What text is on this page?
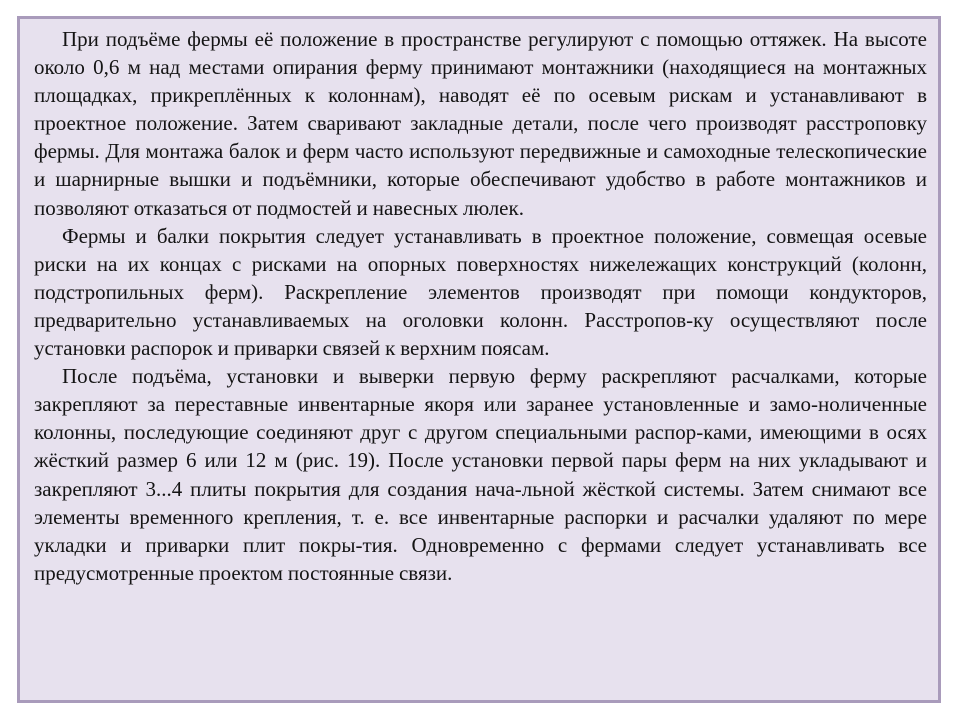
При подъёме фермы её положение в пространстве регулируют с помощью оттяжек. На высоте около 0,6 м над местами опирания ферму принимают монтажники (находящиеся на монтажных площадках, прикреплённых к колоннам), наводят её по осевым рискам и устанавливают в проектное положение. Затем сваривают закладные детали, после чего производят расстроповку фермы. Для монтажа балок и ферм часто используют передвижные и самоходные телескопические и шарнирные вышки и подъёмники, которые обеспечивают удобство в работе монтажников и позволяют отказаться от подмостей и навесных люлек.

Фермы и балки покрытия следует устанавливать в проектное положение, совмещая осевые риски на их концах с рисками на опорных поверхностях нижележащих конструкций (колонн, подстропильных ферм). Раскрепление элементов производят при помощи кондукторов, предварительно устанавливаемых на оголовки колонн. Расстропов-ку осуществляют после установки распорок и приварки связей к верхним поясам.

После подъёма, установки и выверки первую ферму раскрепляют расчалками, которые закрепляют за переставные инвентарные якоря или заранее установленные и замо-ноличенные колонны, последующие соединяют друг с другом специальными распор-ками, имеющими в осях жёсткий размер 6 или 12 м (рис. 19). После установки первой пары ферм на них укладывают и закрепляют 3...4 плиты покрытия для создания нача-льной жёсткой системы. Затем снимают все элементы временного крепления, т. е. все инвентарные распорки и расчалки удаляют по мере укладки и приварки плит покры-тия. Одновременно с фермами следует устанавливать все предусмотренные проектом постоянные связи.
